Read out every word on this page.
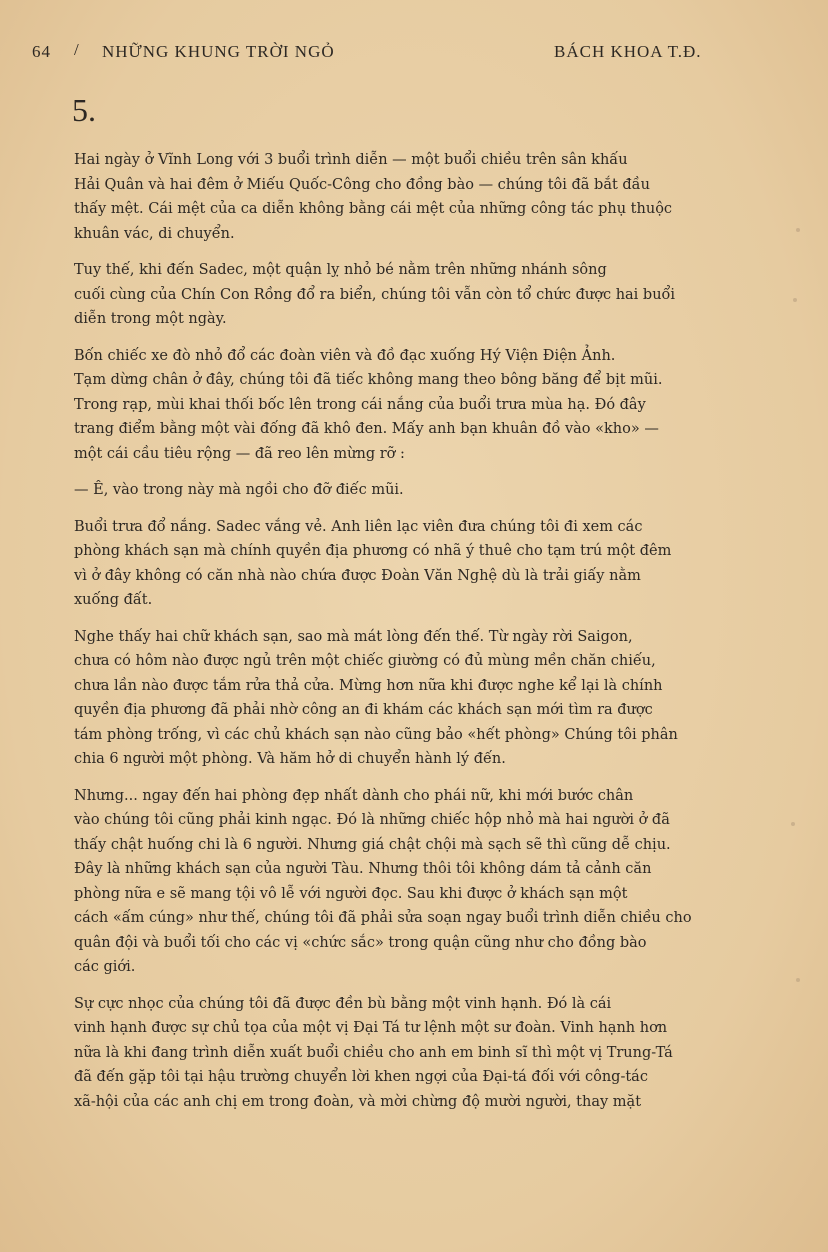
64 / NHỮNG KHUNG TRỜI NGỎ	BÁCH KHOA T.Đ.
5.

Hai ngày ở Vĩnh Long với 3 buổi trình diễn — một buổi chiều trên sân khấu
Hải Quân và hai đêm ở Miếu Quốc-Công cho đồng bào — chúng tôi đã bắt đầu
thấy mệt. Cái mệt của ca diễn không bằng cái mệt của những công tác phụ thuộc
khuân vác, di chuyển.

Tuy thế, khi đến Sadec, một quận lỵ nhỏ bé nằm trên những nhánh sông
cuối cùng của Chín Con Rồng đổ ra biển, chúng tôi vẫn còn tổ chức được hai buổi
diễn trong một ngày.

Bốn chiếc xe đò nhỏ đổ các đoàn viên và đồ đạc xuống Hý Viện Điện Ảnh.
Tạm dừng chân ở đây, chúng tôi đã tiếc không mang theo bông băng để bịt mũi.
Trong rạp, mùi khai thối bốc lên trong cái nắng của buổi trưa mùa hạ. Đó đây
trang điểm bằng một vài đống đã khô đen. Mấy anh bạn khuân đồ vào «kho» —
một cái cầu tiêu rộng — đã reo lên mừng rỡ :

— Ê, vào trong này mà ngồi cho đỡ điếc mũi.

Buổi trưa đổ nắng. Sadec vắng vẻ. Anh liên lạc viên đưa chúng tôi đi xem các
phòng khách sạn mà chính quyền địa phương có nhã ý thuê cho tạm trú một đêm
vì ở đây không có căn nhà nào chứa được Đoàn Văn Nghệ dù là trải giấy nằm
xuống đất.

Nghe thấy hai chữ khách sạn, sao mà mát lòng đến thế. Từ ngày rời Saigon,
chưa có hôm nào được ngủ trên một chiếc giường có đủ mùng mền chăn chiếu,
chưa lần nào được tắm rửa thả cửa. Mừng hơn nữa khi được nghe kể lại là chính
quyền địa phương đã phải nhờ công an đi khám các khách sạn mới tìm ra được
tám phòng trống, vì các chủ khách sạn nào cũng bảo «hết phòng» Chúng tôi phân
chia 6 người một phòng. Và hăm hở di chuyển hành lý đến.

Nhưng... ngay đến hai phòng đẹp nhất dành cho phái nữ, khi mới bước chân
vào chúng tôi cũng phải kinh ngạc. Đó là những chiếc hộp nhỏ mà hai người ở đã
thấy chật huống chi là 6 người. Nhưng giá chật chội mà sạch sẽ thì cũng dễ chịu.
Đây là những khách sạn của người Tàu. Nhưng thôi tôi không dám tả cảnh căn
phòng nữa e sẽ mang tội vô lễ với người đọc. Sau khi được ở khách sạn một
cách «ấm cúng» như thế, chúng tôi đã phải sửa soạn ngay buổi trình diễn chiều cho
quân đội và buổi tối cho các vị «chức sắc» trong quận cũng như cho đồng bào
các giới.

Sự cực nhọc của chúng tôi đã được đền bù bằng một vinh hạnh. Đó là cái
vinh hạnh được sự chủ tọa của một vị Đại Tá tư lệnh một sư đoàn. Vinh hạnh hơn
nữa là khi đang trình diễn xuất buổi chiều cho anh em binh sĩ thì một vị Trung-Tá
đã đến gặp tôi tại hậu trường chuyển lời khen ngợi của Đại-tá đối với công-tác
xã-hội của các anh chị em trong đoàn, và mời chừng độ mười người, thay mặt
